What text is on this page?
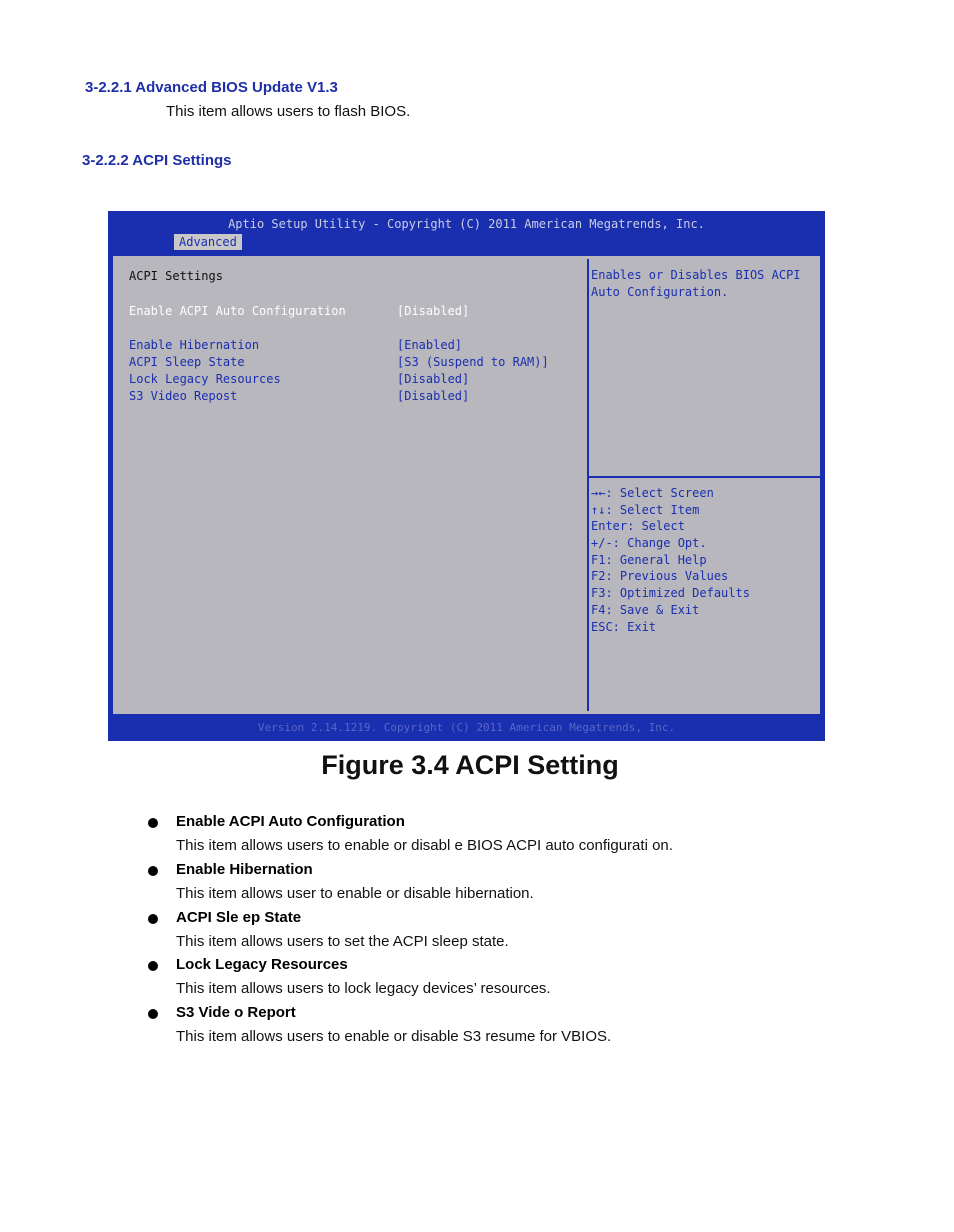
3-2.2.1 Advanced BIOS Update V1.3

This item allows users to flash BIOS.

3-2.2.2 ACPI Settings
Aptio Setup Utility - Copyright (C) 2011 American Megatrends, Inc.
Advanced
ACPI Settings
Enable ACPI Auto Configuration	[Disabled]
Enable Hibernation	[Enabled]
ACPI Sleep State	[S3 (Suspend to RAM)]
Lock Legacy Resources	[Disabled]
S3 Video Repost	[Disabled]
Enables or Disables BIOS ACPI Auto Configuration.
→←: Select Screen
↑↓: Select Item
Enter: Select
+/-: Change Opt.
F1: General Help
F2: Previous Values
F3: Optimized Defaults
F4: Save & Exit
ESC: Exit
Version 2.14.1219. Copyright (C) 2011 American Megatrends, Inc.
Figure 3.4 ACPI Setting
Enable ACPI Auto Configuration
This item allows users to enable or disabl e BIOS ACPI auto configurati on.
Enable Hibernation
This item allows user to enable or disable hibernation.
ACPI Sle ep State
This item allows users to set the ACPI sleep state.
Lock Legacy Resources
This item allows users to lock legacy devices’ resources.
S3 Vide o Report
This item allows users to enable or disable S3 resume for VBIOS.
